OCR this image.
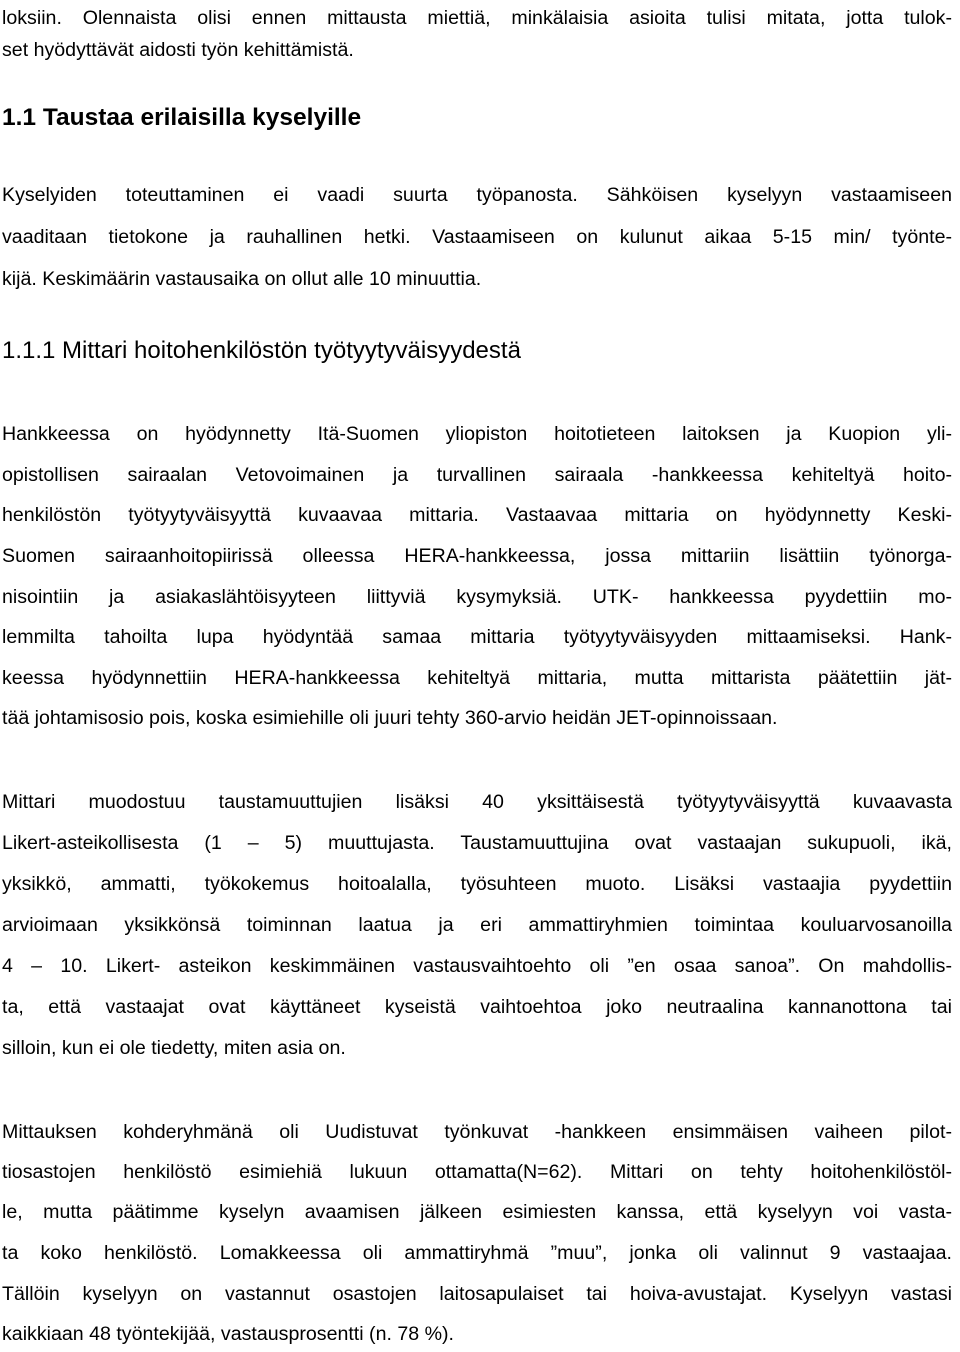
loksiin. Olennaista olisi ennen mittausta miettiä, minkälaisia asioita tulisi mitata, jotta tulok-
set hyödyttävät aidosti työn kehittämistä.
1.1 Taustaa erilaisilla kyselyille
Kyselyiden toteuttaminen ei vaadi suurta työpanosta. Sähköisen kyselyyn vastaamiseen
vaaditaan tietokone ja rauhallinen hetki. Vastaamiseen on kulunut aikaa 5-15 min/ työnte-
kijä. Keskimäärin vastausaika on ollut alle 10 minuuttia.
1.1.1 Mittari hoitohenkilöstön työtyytyväisyydestä
Hankkeessa on hyödynnetty Itä-Suomen yliopiston hoitotieteen laitoksen ja Kuopion yli-
opistollisen sairaalan Vetovoimainen ja turvallinen sairaala -hankkeessa kehiteltyä hoito-
henkilöstön työtyytyväisyyttä kuvaavaa mittaria. Vastaavaa mittaria on hyödynnetty Keski-
Suomen sairaanhoitopiirissä olleessa HERA-hankkeessa, jossa mittariin lisättiin työnorga-
nisointiin ja asiakaslähtöisyyteen liittyviä kysymyksiä. UTK- hankkeessa pyydettiin mo-
lemmilta tahoilta lupa hyödyntää samaa mittaria työtyytyväisyyden mittaamiseksi. Hank-
keessa hyödynnettiin HERA-hankkeessa kehiteltyä mittaria, mutta mittarista päätettiin jät-
tää johtamisosio pois, koska esimiehille oli juuri tehty 360-arvio heidän JET-opinnoissaan.
Mittari muodostuu taustamuuttujien lisäksi 40 yksittäisestä työtyytyväisyyttä kuvaavasta
Likert-asteikollisesta (1 – 5) muuttujasta. Taustamuuttujina ovat vastaajan sukupuoli, ikä,
yksikkö, ammatti, työkokemus hoitoalalla, työsuhteen muoto. Lisäksi vastaajia pyydettiin
arvioimaan yksikkönsä toiminnan laatua ja eri ammattiryhmien toimintaa kouluarvosanoilla
4 – 10. Likert- asteikon keskimmäinen vastausvaihtoehto oli ”en osaa sanoa”. On mahdollis-
ta, että vastaajat ovat käyttäneet kyseistä vaihtoehtoa joko neutraalina kannanottona tai
silloin, kun ei ole tiedetty, miten asia on.
Mittauksen kohderyhmänä oli Uudistuvat työnkuvat -hankkeen ensimmäisen vaiheen pilot-
tiosastojen henkilöstö esimiehiä lukuun ottamatta(N=62). Mittari on tehty hoitohenkilöstöl-
le, mutta päätimme kyselyn avaamisen jälkeen esimiesten kanssa, että kyselyyn voi vasta-
ta koko henkilöstö. Lomakkeessa oli ammattiryhmä ”muu”, jonka oli valinnut 9 vastaajaa.
Tällöin kyselyyn on vastannut osastojen laitosapulaiset tai hoiva-avustajat. Kyselyyn vastasi
kaikkiaan 48 työntekijää, vastausprosentti (n. 78 %).
